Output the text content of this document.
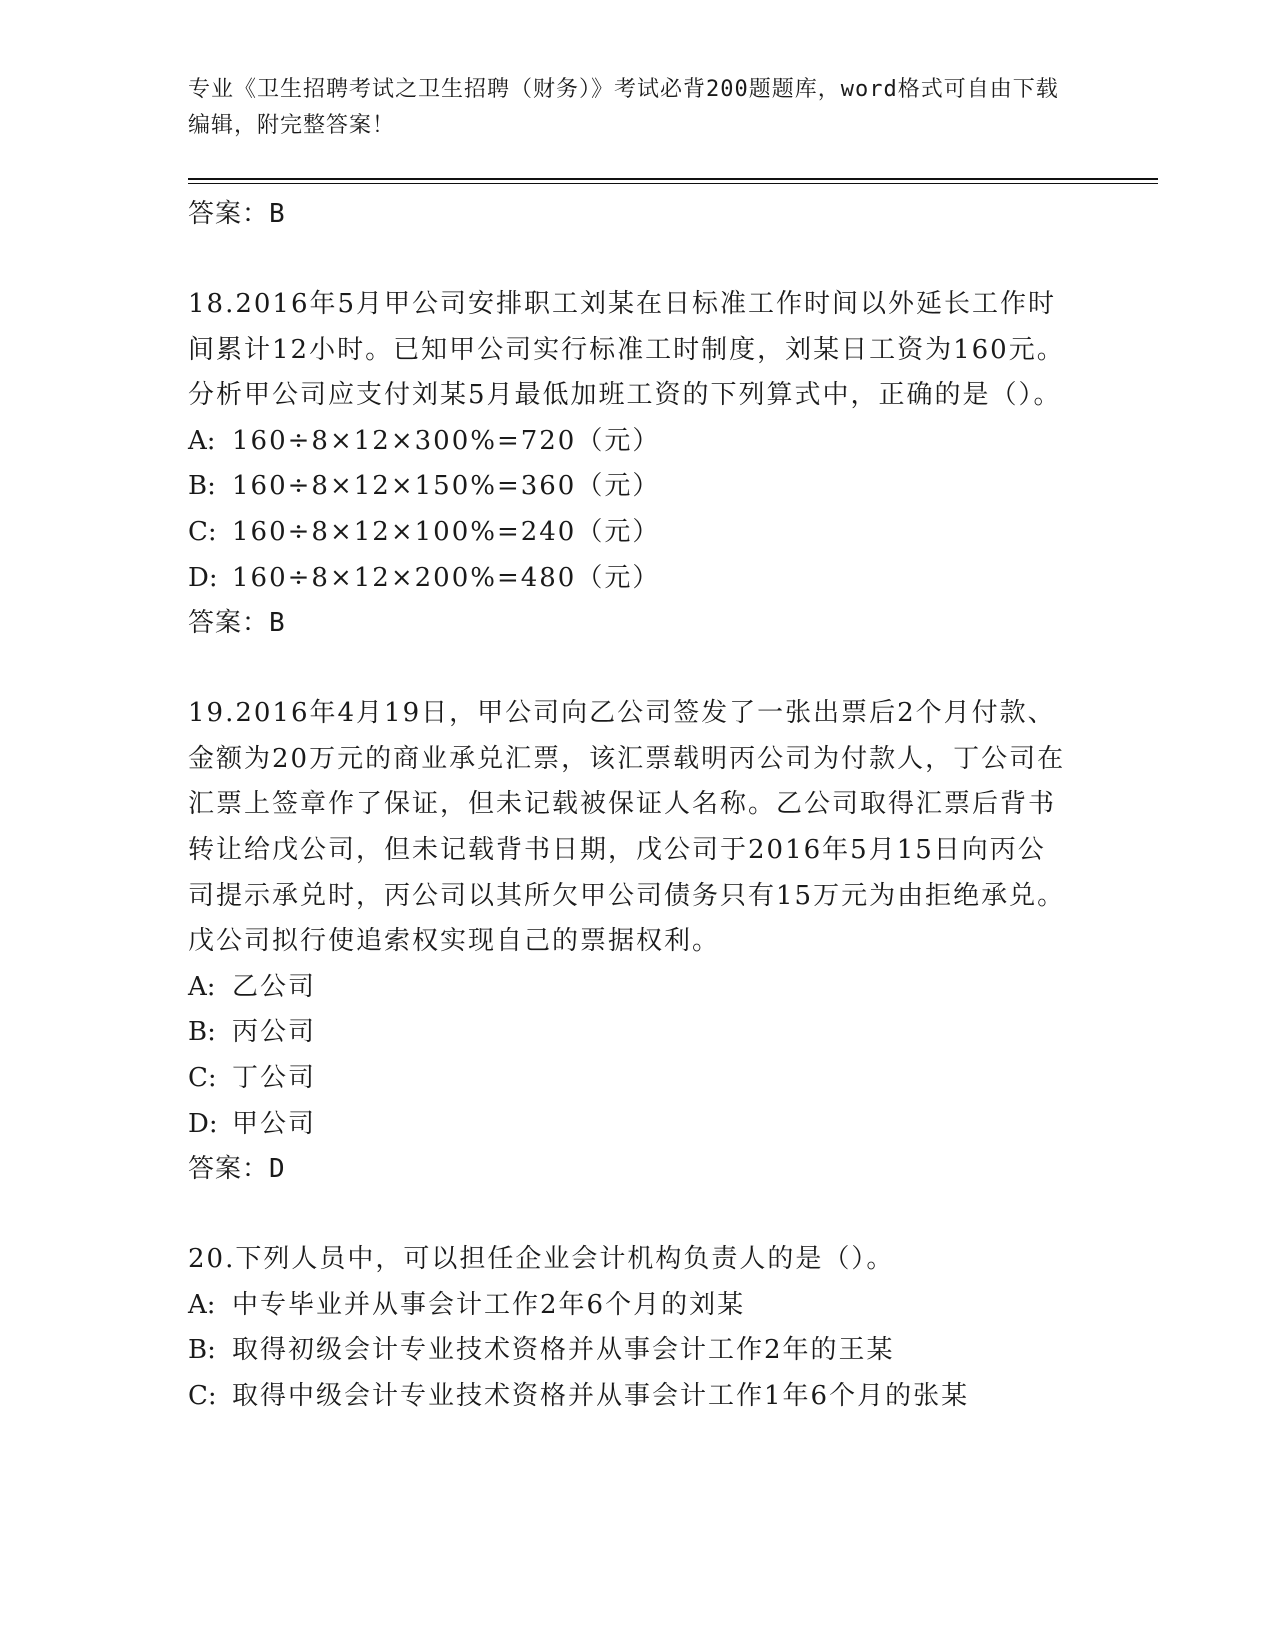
专业《卫生招聘考试之卫生招聘（财务）》考试必背200题题库，word格式可自由下载编辑，附完整答案！

答案：B

18.2016年5月甲公司安排职工刘某在日标准工作时间以外延长工作时间累计12小时。已知甲公司实行标准工时制度，刘某日工资为160元。分析甲公司应支付刘某5月最低加班工资的下列算式中，正确的是（）。

A: 160÷8×12×300%=720（元）
B: 160÷8×12×150%=360（元）
C: 160÷8×12×100%=240（元）
D: 160÷8×12×200%=480（元）

答案：B

19.2016年4月19日，甲公司向乙公司签发了一张出票后2个月付款、金额为20万元的商业承兑汇票，该汇票载明丙公司为付款人，丁公司在汇票上签章作了保证，但未记载被保证人名称。乙公司取得汇票后背书转让给戊公司，但未记载背书日期，戊公司于2016年5月15日向丙公司提示承兑时，丙公司以其所欠甲公司债务只有15万元为由拒绝承兑。戊公司拟行使追索权实现自己的票据权利。

A: 乙公司
B: 丙公司
C: 丁公司
D: 甲公司

答案：D

20.下列人员中，可以担任企业会计机构负责人的是（）。

A: 中专毕业并从事会计工作2年6个月的刘某
B: 取得初级会计专业技术资格并从事会计工作2年的王某
C: 取得中级会计专业技术资格并从事会计工作1年6个月的张某
